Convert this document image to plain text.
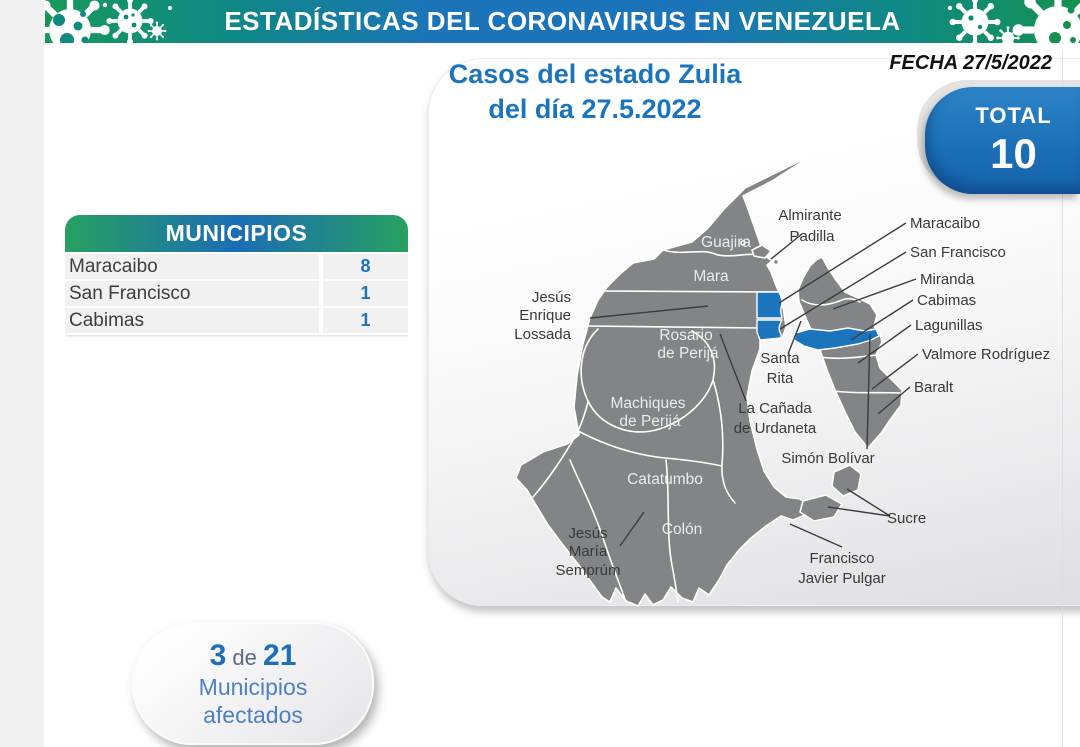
ESTADÍSTICAS DEL CORONAVIRUS EN VENEZUELA
FECHA 27/5/2022
Casos del estado Zulia
del día 27.5.2022	TOTAL
10
MUNICIPIOS
Maracaibo	8
San Francisco	1
Cabimas	1
Guajira
Mara
Rosario
de Perijá
Machiques
de Perijá
Catatumbo
Colón
Almirante
Padilla
Jesús
Enrique
Lossada
Jesús
María
Semprúm
Santa
Rita
La Cañada
de Urdaneta
Simón Bolívar
Sucre
Francisco
Javier Pulgar
Maracaibo
San Francisco
Miranda
Cabimas
Lagunillas
Valmore Rodríguez
Baralt
3 de 21
Municipios
afectados
